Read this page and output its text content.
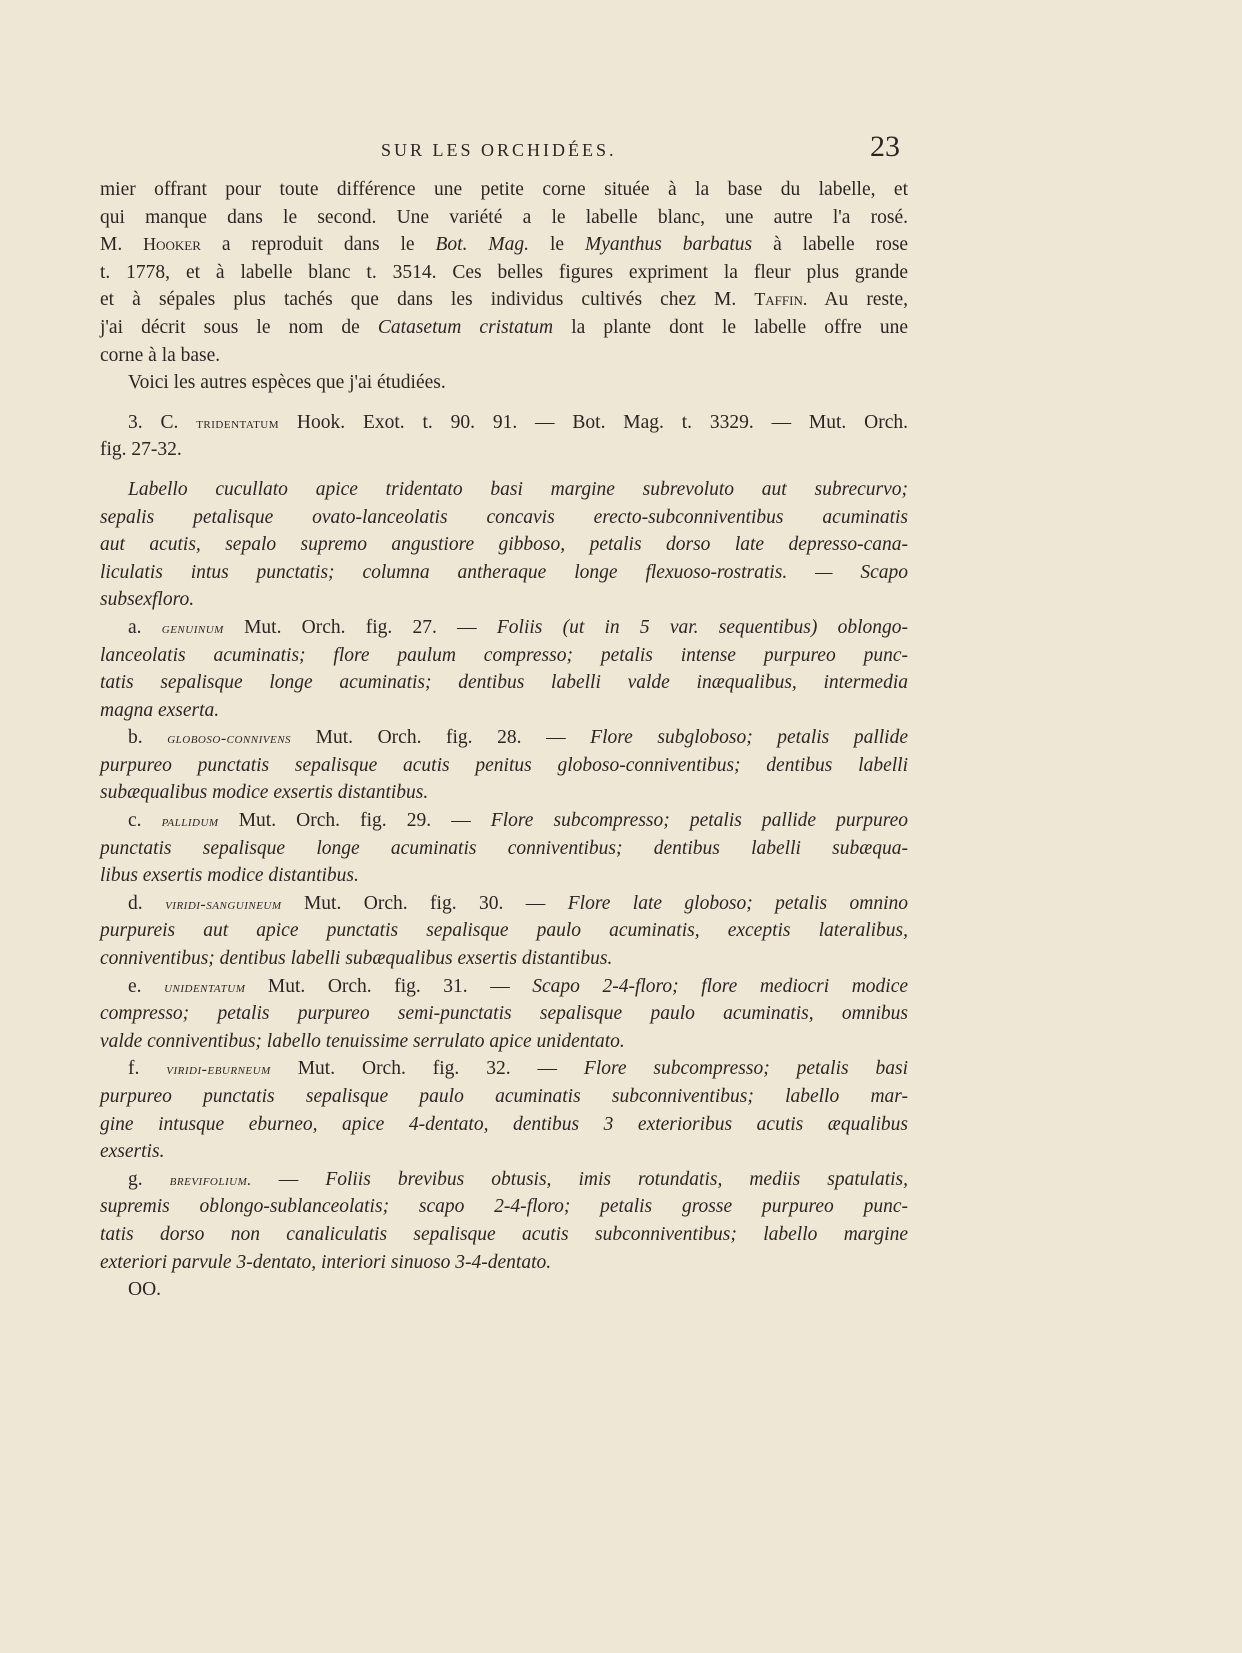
SUR LES ORCHIDÉES.	23
mier offrant pour toute différence une petite corne située à la base du labelle, et
qui manque dans le second. Une variété a le labelle blanc, une autre l'a rosé.
M. Hooker a reproduit dans le Bot. Mag. le Myanthus barbatus à labelle rose
t. 1778, et à labelle blanc t. 3514. Ces belles figures expriment la fleur plus grande
et à sépales plus tachés que dans les individus cultivés chez M. Taffin. Au reste,
j'ai décrit sous le nom de Catasetum cristatum la plante dont le labelle offre une
corne à la base.
Voici les autres espèces que j'ai étudiées.
3. C. tridentatum Hook. Exot. t. 90. 91. — Bot. Mag. t. 3329. — Mut. Orch.
fig. 27-32.
Labello cucullato apice tridentato basi margine subrevoluto aut subrecurvo;
sepalis petalisque ovato-lanceolatis concavis erecto-subconniventibus acuminatis
aut acutis, sepalo supremo angustiore gibboso, petalis dorso late depresso-cana-
liculatis intus punctatis; columna antheraque longe flexuoso-rostratis. — Scapo
subsexfloro.
a. genuinum Mut. Orch. fig. 27. — Foliis (ut in 5 var. sequentibus) oblongo-
lanceolatis acuminatis; flore paulum compresso; petalis intense purpureo punc-
tatis sepalisque longe acuminatis; dentibus labelli valde inæqualibus, intermedia
magna exserta.
b. globoso-connivens Mut. Orch. fig. 28. — Flore subgloboso; petalis pallide
purpureo punctatis sepalisque acutis penitus globoso-conniventibus; dentibus labelli
subæqualibus modice exsertis distantibus.
c. pallidum Mut. Orch. fig. 29. — Flore subcompresso; petalis pallide purpureo
punctatis sepalisque longe acuminatis conniventibus; dentibus labelli subæqua-
libus exsertis modice distantibus.
d. viridi-sanguineum Mut. Orch. fig. 30. — Flore late globoso; petalis omnino
purpureis aut apice punctatis sepalisque paulo acuminatis, exceptis lateralibus,
conniventibus; dentibus labelli subæqualibus exsertis distantibus.
e. unidentatum Mut. Orch. fig. 31. — Scapo 2-4-floro; flore mediocri modice
compresso; petalis purpureo semi-punctatis sepalisque paulo acuminatis, omnibus
valde conniventibus; labello tenuissime serrulato apice unidentato.
f. viridi-eburneum Mut. Orch. fig. 32. — Flore subcompresso; petalis basi
purpureo punctatis sepalisque paulo acuminatis subconniventibus; labello mar-
gine intusque eburneo, apice 4-dentato, dentibus 3 exterioribus acutis æqualibus
exsertis.
g. brevifolium. — Foliis brevibus obtusis, imis rotundatis, mediis spatulatis,
supremis oblongo-sublanceolatis; scapo 2-4-floro; petalis grosse purpureo punc-
tatis dorso non canaliculatis sepalisque acutis subconniventibus; labello margine
exteriori parvule 3-dentato, interiori sinuoso 3-4-dentato.
OO.
